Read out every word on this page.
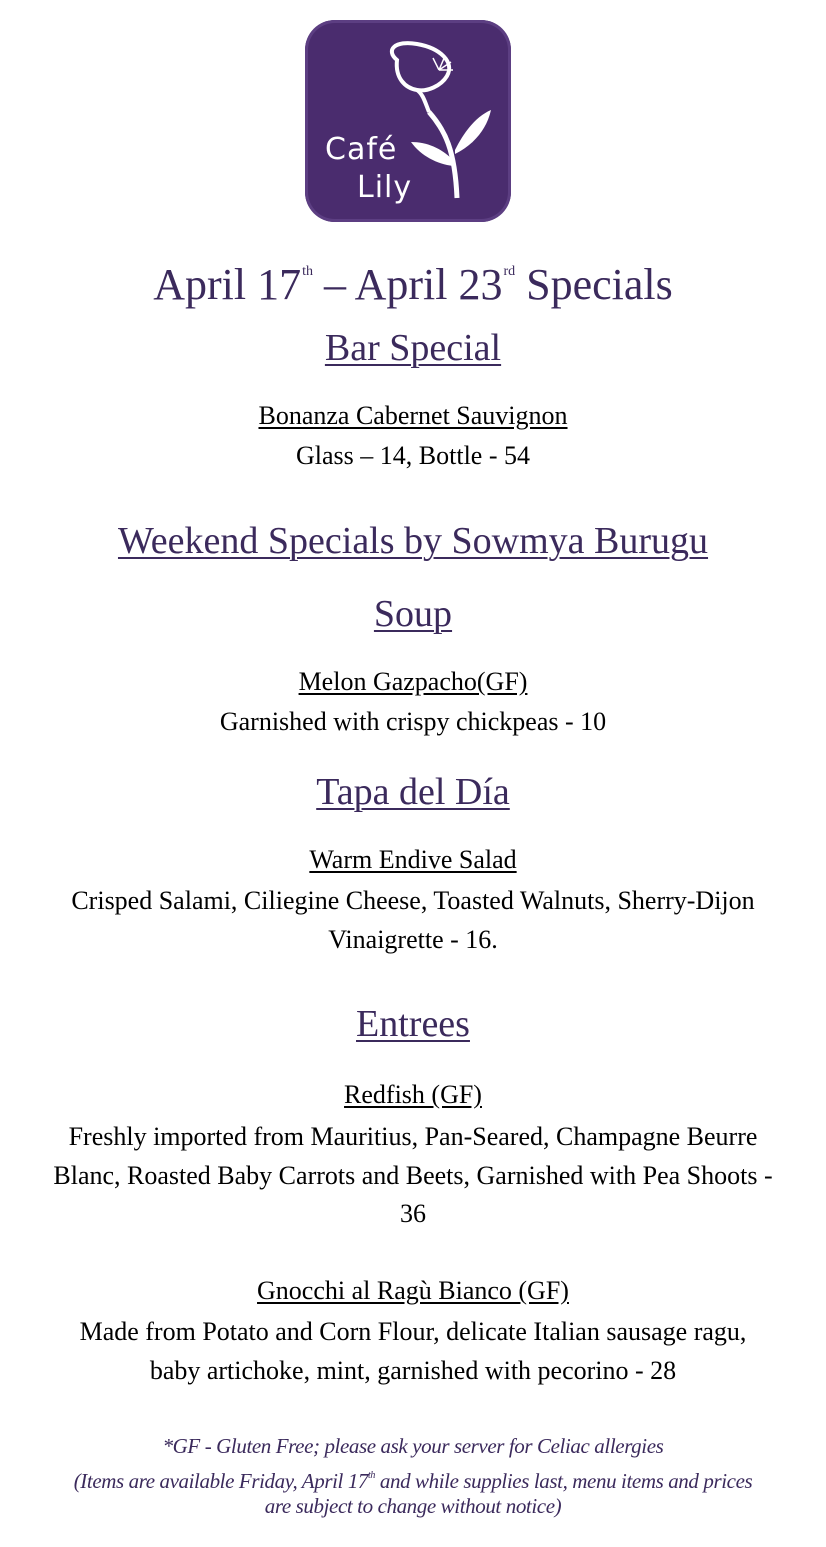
Café
Lily
April 17th – April 23rd Specials
Bar Special
Bonanza Cabernet Sauvignon
Glass – 14, Bottle - 54
Weekend Specials by Sowmya Burugu
Soup
Melon Gazpacho(GF)
Garnished with crispy chickpeas - 10
Tapa del Día
Warm Endive Salad
Crisped Salami, Ciliegine Cheese, Toasted Walnuts, Sherry-Dijon
Vinaigrette - 16.
Entrees
Redfish (GF)
Freshly imported from Mauritius, Pan-Seared, Champagne Beurre
Blanc, Roasted Baby Carrots and Beets, Garnished with Pea Shoots -
36
Gnocchi al Ragù Bianco (GF)
Made from Potato and Corn Flour, delicate Italian sausage ragu,
baby artichoke, mint, garnished with pecorino - 28
*GF - Gluten Free; please ask your server for Celiac allergies
(Items are available Friday, April 17th and while supplies last, menu items and prices
are subject to change without notice)
